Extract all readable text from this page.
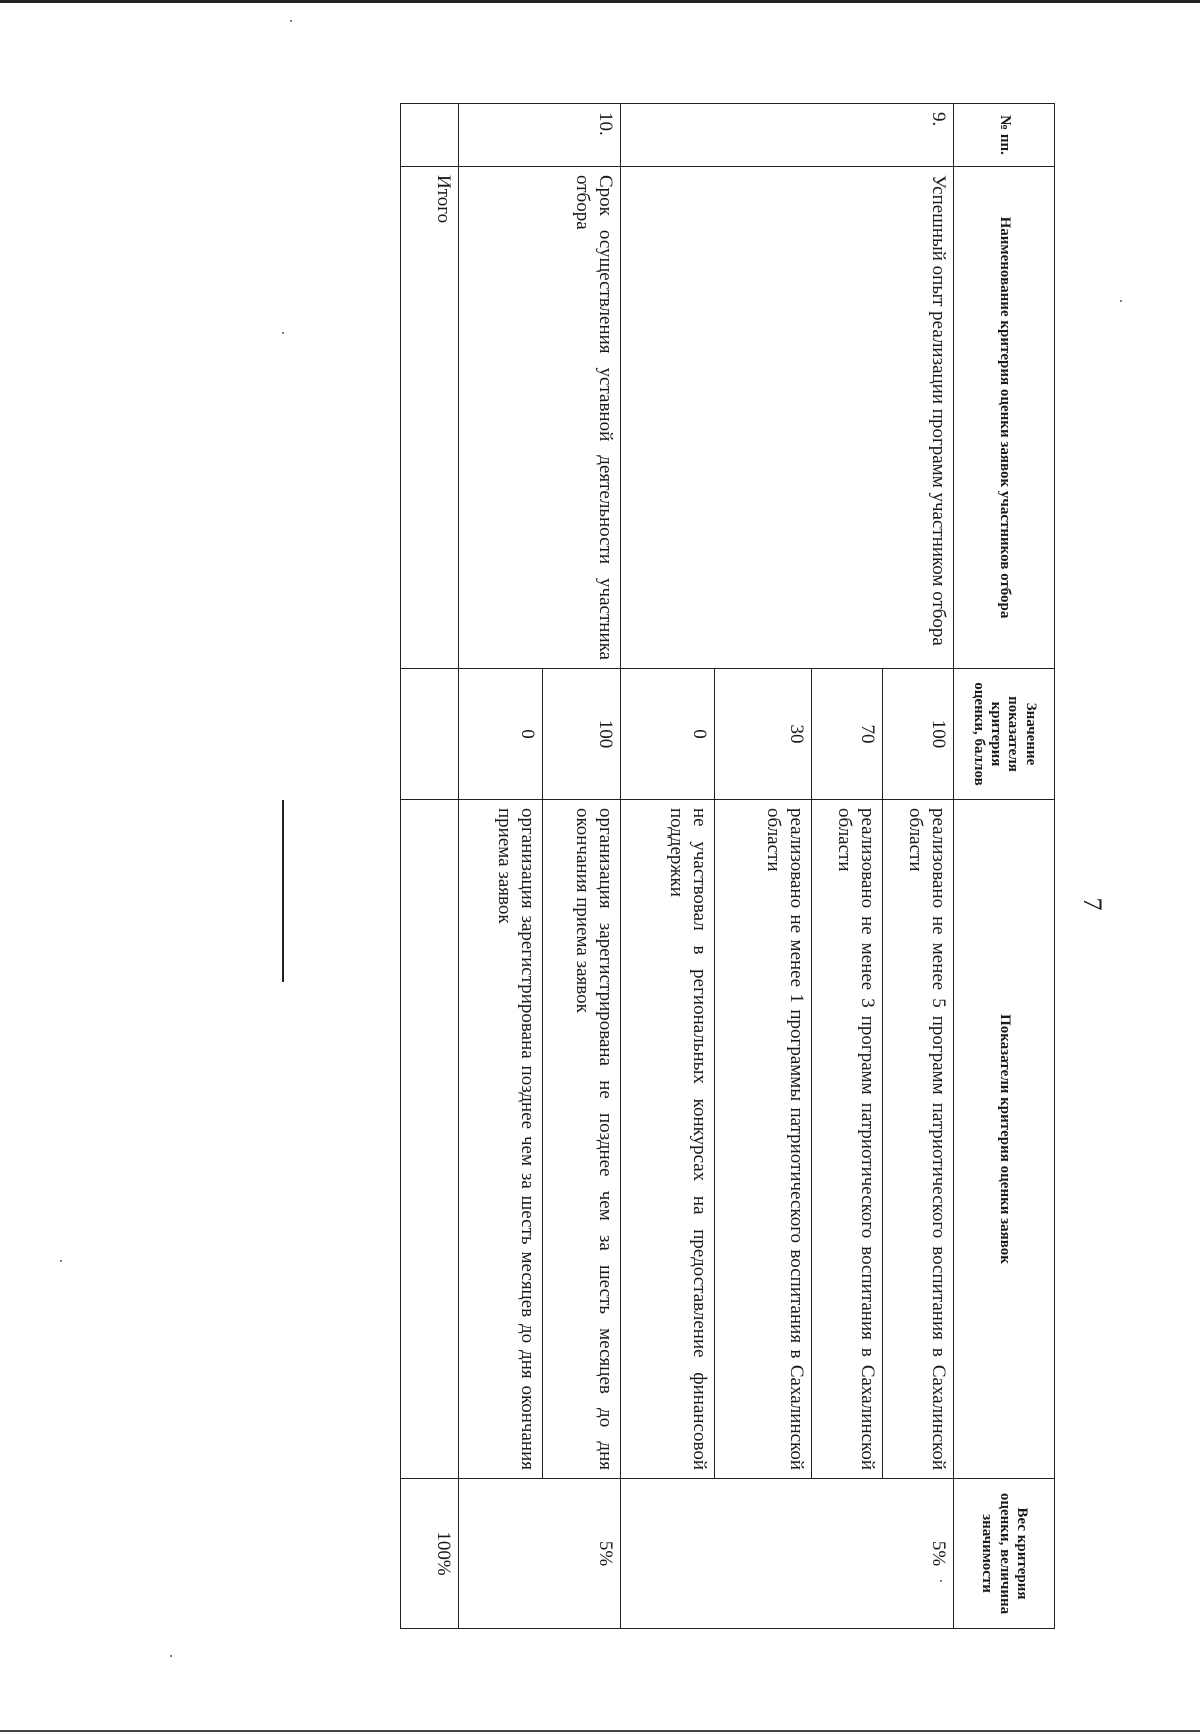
7
№ пп.	Наименование критерия оценки заявок участников отбора	Значение показателя критерия оценки, баллов	Показатели критерия оценки заявок	Вес критерия оценки, величина значимости
9.	Успешный опыт реализации программ участником отбора	100	реализовано не менее 5 программ патриотического воспитания в Сахалинской области	5%
		70	реализовано не менее 3 программ патриотического воспитания в Сахалинской области	
		30	реализовано не менее 1 программы патриотического воспитания в Сахалинской области	
		0	не участвовал в региональных конкурсах на предоставление финансовой поддержки	
10.	Срок осуществления уставной деятельности участника отбора	100	организация зарегистрирована не позднее чем за шесть месяцев до дня окончания приема заявок	5%
		0	организация зарегистрирована позднее чем за шесть месяцев до дня окончания приема заявок	
	Итого			100%
